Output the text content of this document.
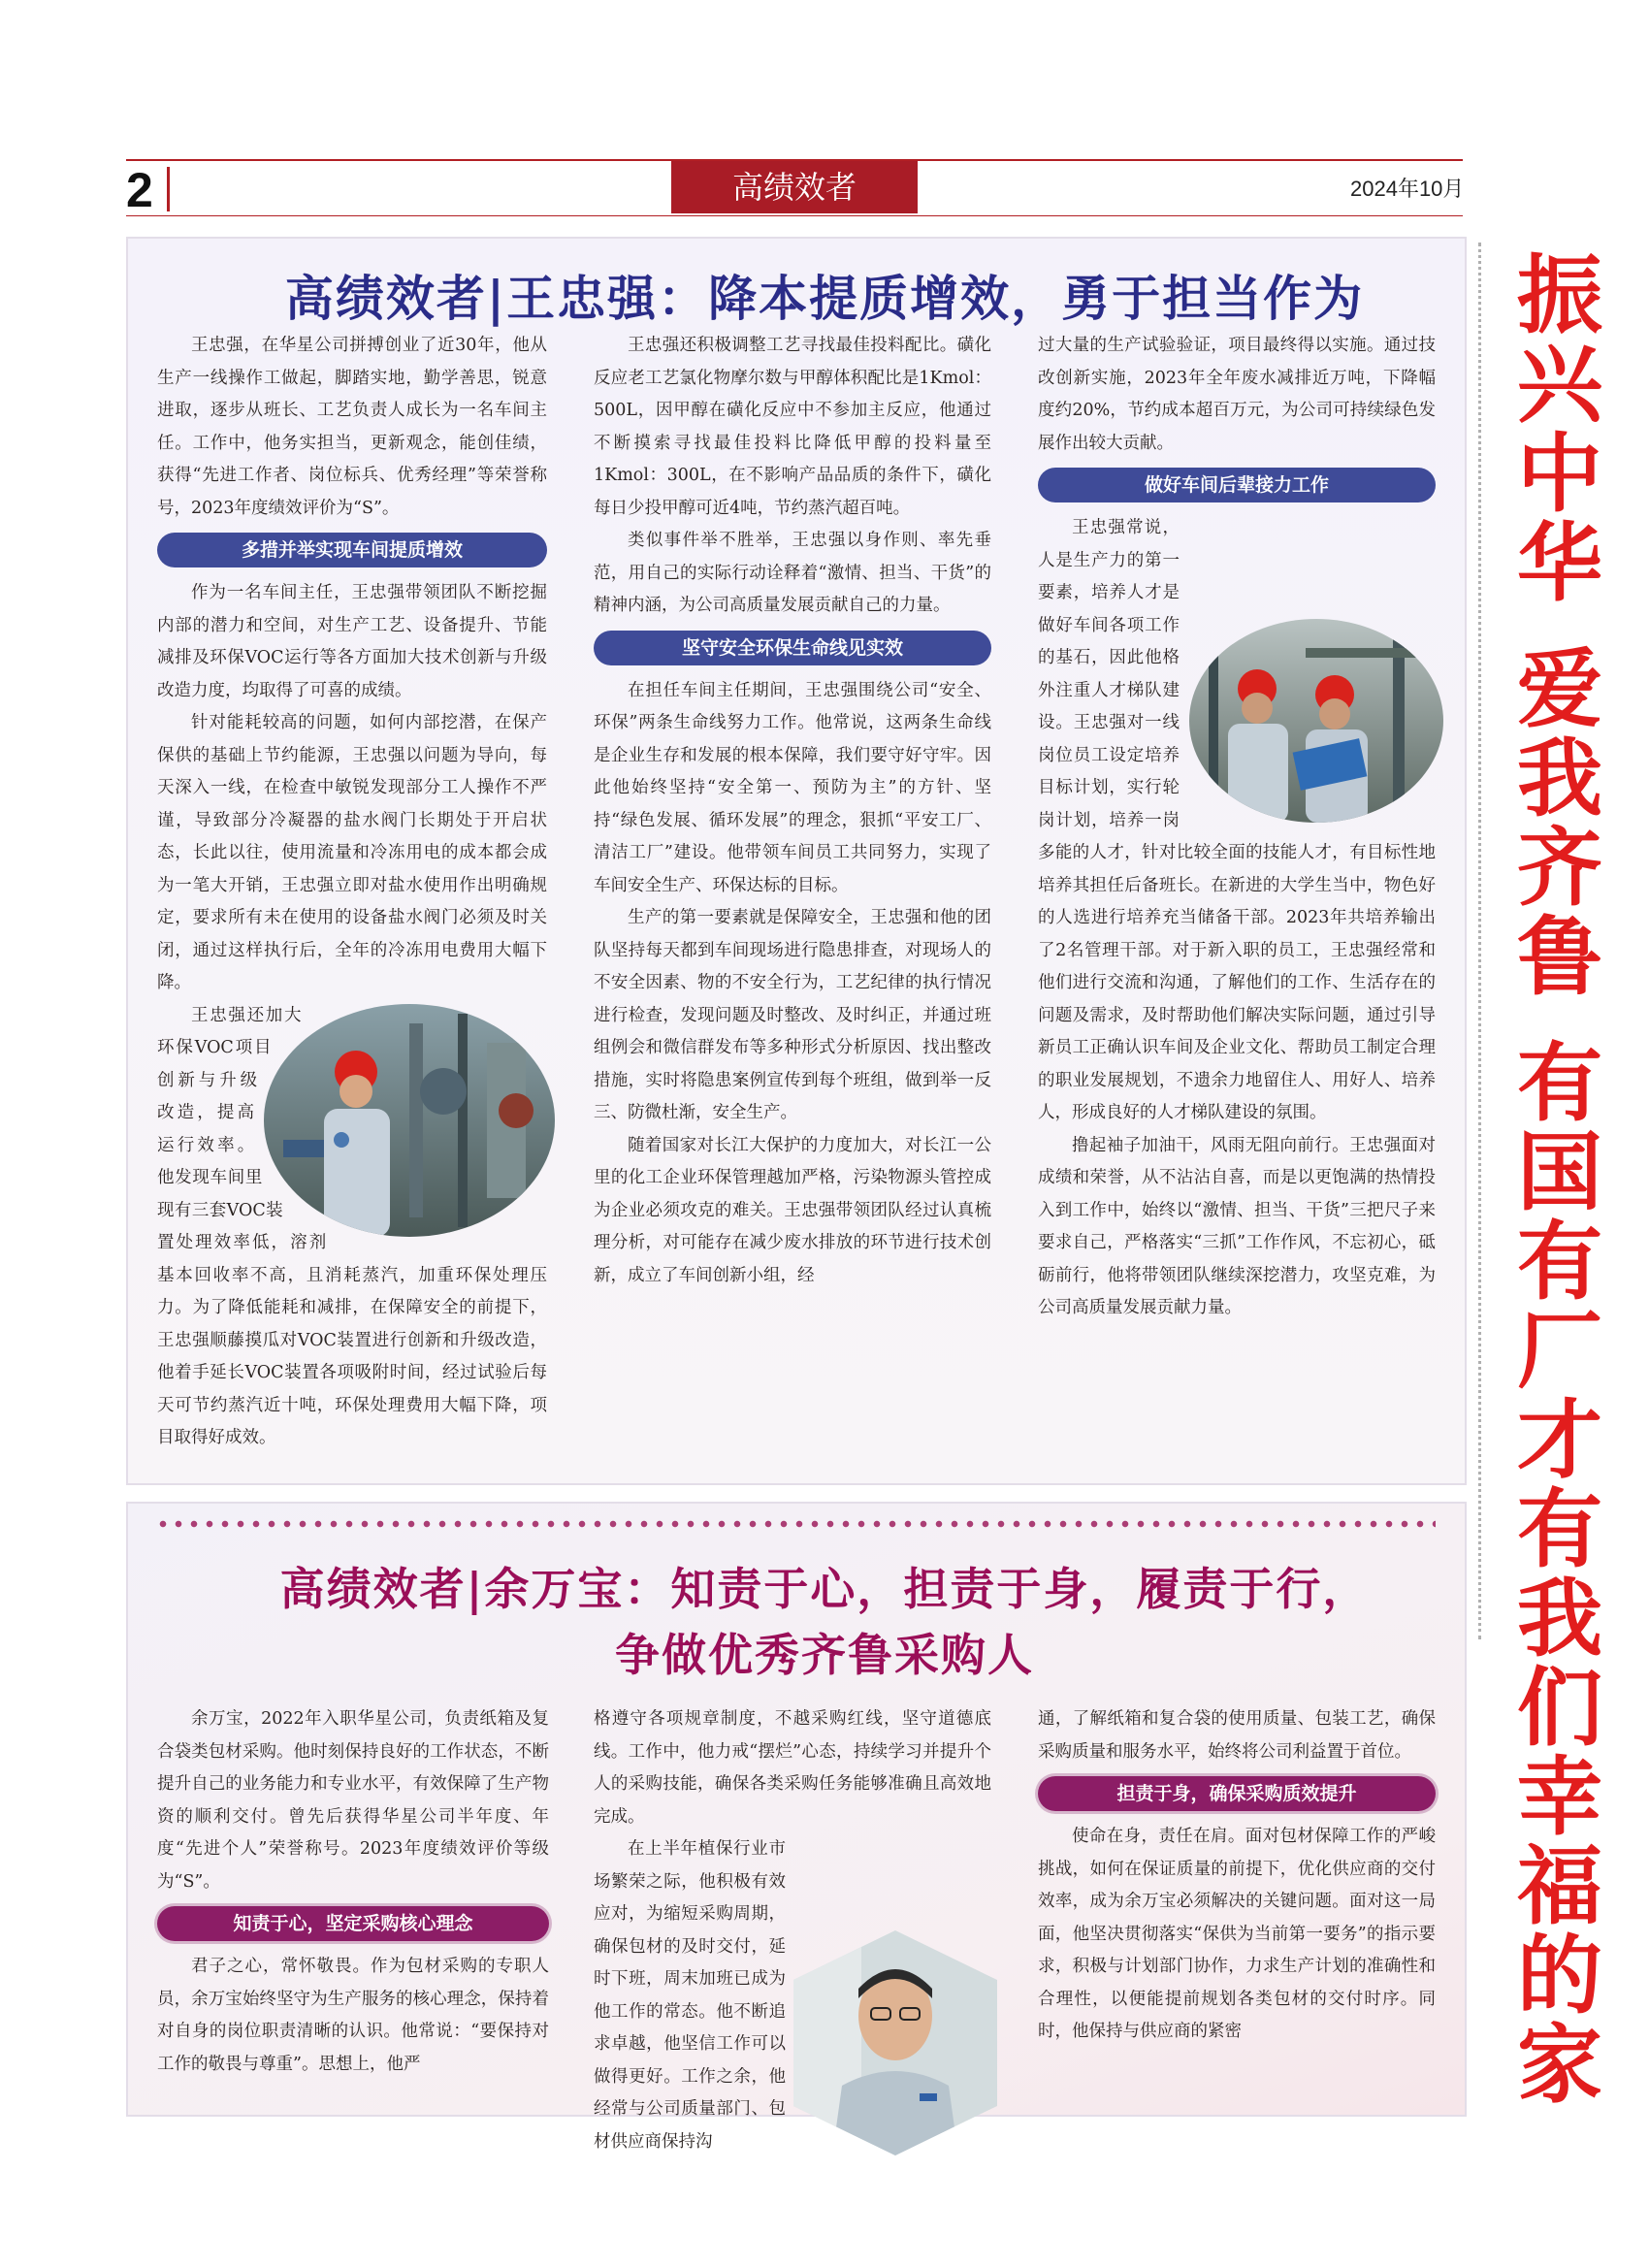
2	高绩效者	2024年10月
振
兴
中
华
爱
我
齐
鲁
有
国
有
厂
才
有
我
们
幸
福
的
家
高绩效者|王忠强：降本提质增效，勇于担当作为

王忠强，在华星公司拼搏创业了近30年，他从生产一线操作工做起，脚踏实地，勤学善思，锐意进取，逐步从班长、工艺负责人成长为一名车间主任。工作中，他务实担当，更新观念，能创佳绩，获得“先进工作者、岗位标兵、优秀经理”等荣誉称号，2023年度绩效评价为“S”。

多措并举实现车间提质增效

作为一名车间主任，王忠强带领团队不断挖掘内部的潜力和空间，对生产工艺、设备提升、节能减排及环保VOC运行等各方面加大技术创新与升级改造力度，均取得了可喜的成绩。

针对能耗较高的问题，如何内部挖潜，在保产保供的基础上节约能源，王忠强以问题为导向，每天深入一线，在检查中敏锐发现部分工人操作不严谨，导致部分冷凝器的盐水阀门长期处于开启状态，长此以往，使用流量和冷冻用电的成本都会成为一笔大开销，王忠强立即对盐水使用作出明确规定，要求所有未在使用的设备盐水阀门必须及时关闭，通过这样执行后，全年的冷冻用电费用大幅下降。

王忠强还加大环保VOC项目创新与升级改造，提高运行效率。他发现车间里现有三套VOC装置处理效率低，溶剂基本回收率不高，且消耗蒸汽，加重环保处理压力。为了降低能耗和减排，在保障安全的前提下，王忠强顺藤摸瓜对VOC装置进行创新和升级改造，他着手延长VOC装置各项吸附时间，经过试验后每天可节约蒸汽近十吨，环保处理费用大幅下降，项目取得好成效。

王忠强还积极调整工艺寻找最佳投料配比。磺化反应老工艺氯化物摩尔数与甲醇体积配比是1Kmol：500L，因甲醇在磺化反应中不参加主反应，他通过不断摸索寻找最佳投料比降低甲醇的投料量至1Kmol：300L，在不影响产品品质的条件下，磺化每日少投甲醇可近4吨，节约蒸汽超百吨。

类似事件举不胜举，王忠强以身作则、率先垂范，用自己的实际行动诠释着“激情、担当、干货”的精神内涵，为公司高质量发展贡献自己的力量。

坚守安全环保生命线见实效

在担任车间主任期间，王忠强围绕公司“安全、环保”两条生命线努力工作。他常说，这两条生命线是企业生存和发展的根本保障，我们要守好守牢。因此他始终坚持“安全第一、预防为主”的方针、坚持“绿色发展、循环发展”的理念，狠抓“平安工厂、清洁工厂”建设。他带领车间员工共同努力，实现了车间安全生产、环保达标的目标。

生产的第一要素就是保障安全，王忠强和他的团队坚持每天都到车间现场进行隐患排查，对现场人的不安全因素、物的不安全行为，工艺纪律的执行情况进行检查，发现问题及时整改、及时纠正，并通过班组例会和微信群发布等多种形式分析原因、找出整改措施，实时将隐患案例宣传到每个班组，做到举一反三、防微杜渐，安全生产。

随着国家对长江大保护的力度加大，对长江一公里的化工企业环保管理越加严格，污染物源头管控成为企业必须攻克的难关。王忠强带领团队经过认真梳理分析，对可能存在减少废水排放的环节进行技术创新，成立了车间创新小组，经

过大量的生产试验验证，项目最终得以实施。通过技改创新实施，2023年全年废水减排近万吨，下降幅度约20%，节约成本超百万元，为公司可持续绿色发展作出较大贡献。

做好车间后辈接力工作

王忠强常说，人是生产力的第一要素，培养人才是做好车间各项工作的基石，因此他格外注重人才梯队建设。王忠强对一线岗位员工设定培养目标计划，实行轮岗计划，培养一岗多能的人才，针对比较全面的技能人才，有目标性地培养其担任后备班长。在新进的大学生当中，物色好的人选进行培养充当储备干部。2023年共培养输出了2名管理干部。对于新入职的员工，王忠强经常和他们进行交流和沟通，了解他们的工作、生活存在的问题及需求，及时帮助他们解决实际问题，通过引导新员工正确认识车间及企业文化、帮助员工制定合理的职业发展规划，不遗余力地留住人、用好人、培养人，形成良好的人才梯队建设的氛围。

撸起袖子加油干，风雨无阻向前行。王忠强面对成绩和荣誉，从不沾沾自喜，而是以更饱满的热情投入到工作中，始终以“激情、担当、干货”三把尺子来要求自己，严格落实“三抓”工作作风，不忘初心，砥砺前行，他将带领团队继续深挖潜力，攻坚克难，为公司高质量发展贡献力量。

高绩效者|余万宝：知责于心，担责于身，履责于行，
争做优秀齐鲁采购人

余万宝，2022年入职华星公司，负责纸箱及复合袋类包材采购。他时刻保持良好的工作状态，不断提升自己的业务能力和专业水平，有效保障了生产物资的顺利交付。曾先后获得华星公司半年度、年度“先进个人”荣誉称号。2023年度绩效评价等级为“S”。

知责于心，坚定采购核心理念

君子之心，常怀敬畏。作为包材采购的专职人员，余万宝始终坚守为生产服务的核心理念，保持着对自身的岗位职责清晰的认识。他常说：“要保持对工作的敬畏与尊重”。思想上，他严

格遵守各项规章制度，不越采购红线，坚守道德底线。工作中，他力戒“摆烂”心态，持续学习并提升个人的采购技能，确保各类采购任务能够准确且高效地完成。

在上半年植保行业市场繁荣之际，他积极有效应对，为缩短采购周期，确保包材的及时交付，延时下班，周末加班已成为他工作的常态。他不断追求卓越，他坚信工作可以做得更好。工作之余，他经常与公司质量部门、包材供应商保持沟

通，了解纸箱和复合袋的使用质量、包装工艺，确保采购质量和服务水平，始终将公司利益置于首位。

担责于身，确保采购质效提升

使命在身，责任在肩。面对包材保障工作的严峻挑战，如何在保证质量的前提下，优化供应商的交付效率，成为余万宝必须解决的关键问题。面对这一局面，他坚决贯彻落实“保供为当前第一要务”的指示要求，积极与计划部门协作，力求生产计划的准确性和合理性，以便能提前规划各类包材的交付时序。同时，他保持与供应商的紧密
